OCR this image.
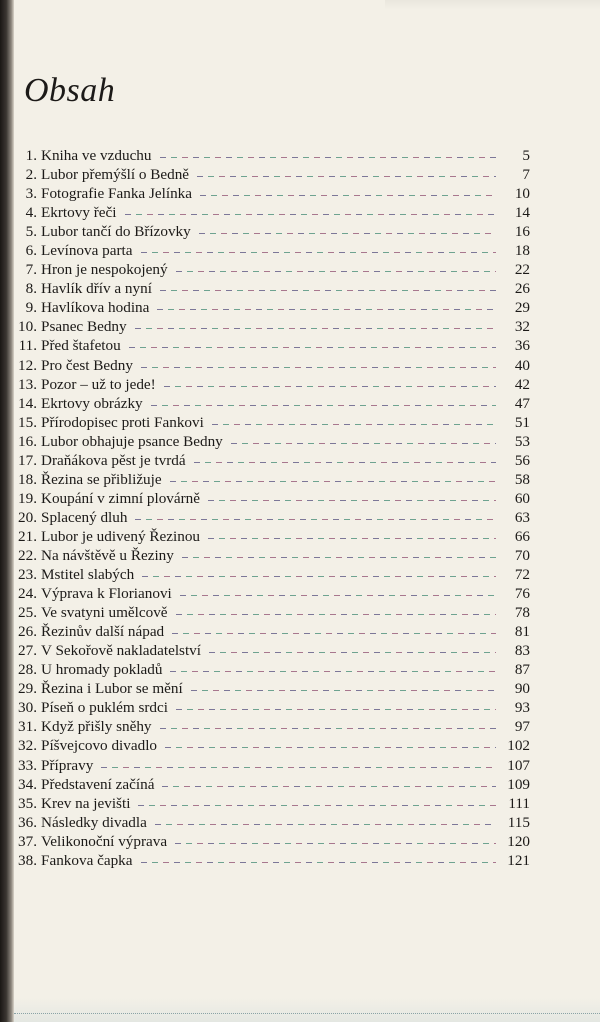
Obsah
1. Kniha ve vzduchu	5
2. Lubor přemýšlí o Bedně	7
3. Fotografie Fanka Jelínka	10
4. Ekrtovy řeči	14
5. Lubor tančí do Břízovky	16
6. Levínova parta	18
7. Hron je nespokojený	22
8. Havlík dřív a nyní	26
9. Havlíkova hodina	29
10. Psanec Bedny	32
11. Před štafetou	36
12. Pro čest Bedny	40
13. Pozor – už to jede!	42
14. Ekrtovy obrázky	47
15. Přírodopisec proti Fankovi	51
16. Lubor obhajuje psance Bedny	53
17. Draňákova pěst je tvrdá	56
18. Řezina se přibližuje	58
19. Koupání v zimní plovárně	60
20. Splacený dluh	63
21. Lubor je udivený Řezinou	66
22. Na návštěvě u Řeziny	70
23. Mstitel slabých	72
24. Výprava k Florianovi	76
25. Ve svatyni umělcově	78
26. Řezinův další nápad	81
27. V Sekořově nakladatelství	83
28. U hromady pokladů	87
29. Řezina i Lubor se mění	90
30. Píseň o puklém srdci	93
31. Když přišly sněhy	97
32. Píšvejcovo divadlo	102
33. Přípravy	107
34. Představení začíná	109
35. Krev na jevišti	111
36. Následky divadla	115
37. Velikonoční výprava	120
38. Fankova čapka	121
